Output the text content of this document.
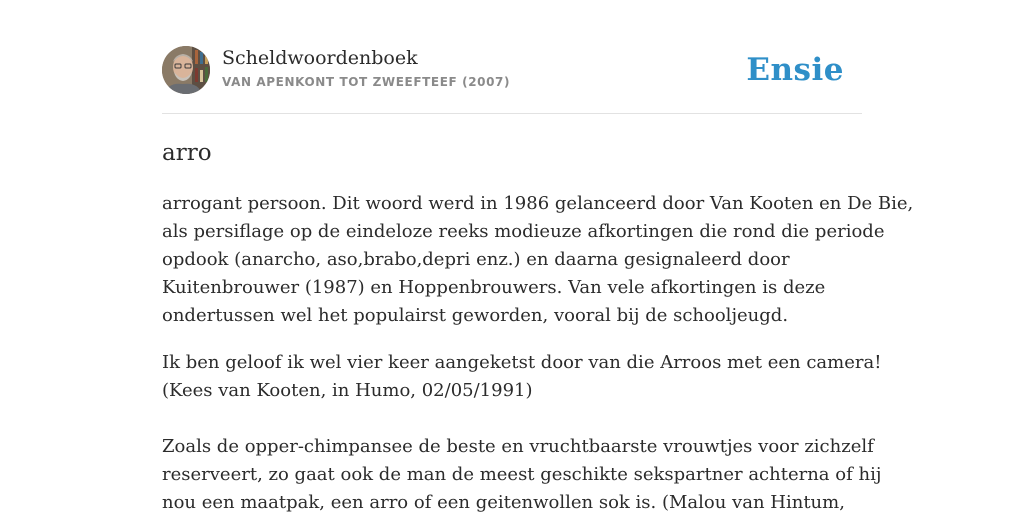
Scheldwoordenboek
VAN APENKONT TOT ZWEEFTEEF (2007)	Ensie
arro
arrogant persoon. Dit woord werd in 1986 gelanceerd door Van Kooten en De Bie,
als persiflage op de eindeloze reeks modieuze afkortingen die rond die periode
opdook (anarcho, aso,brabo,depri enz.) en daarna gesignaleerd door
Kuitenbrouwer (1987) en Hoppenbrouwers. Van vele afkortingen is deze
ondertussen wel het populairst geworden, vooral bij de schooljeugd.
Ik ben geloof ik wel vier keer aangeketst door van die Arroos met een camera!
(Kees van Kooten, in Humo, 02/05/1991)
Zoals de opper-chimpansee de beste en vruchtbaarste vrouwtjes voor zichzelf
reserveert, zo gaat ook de man de meest geschikte sekspartner achterna of hij
nou een maatpak, een arro of een geitenwollen sok is. (Malou van Hintum,
